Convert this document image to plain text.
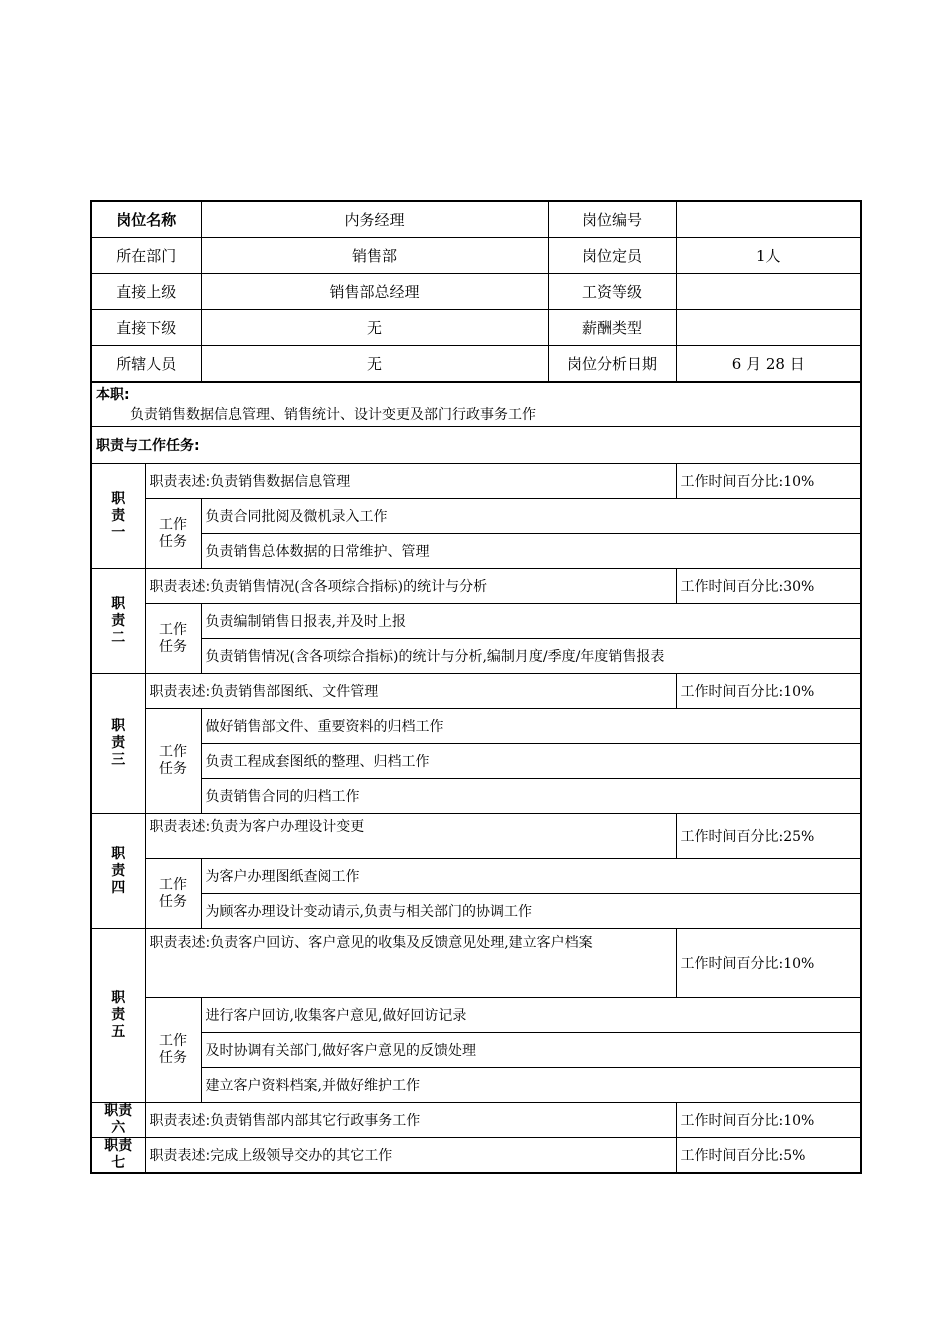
岗位名称		内务经理	岗位编号	
所在部门		销售部	岗位定员	1人
直接上级		销售部总经理	工资等级	
直接下级		无	薪酬类型	
所辖人员		无	岗位分析日期	6 月 28 日

本职:
负责销售数据信息管理、销售统计、设计变更及部门行政事务工作				

职责与工作任务:				

职
责
一	职责表述:负责销售数据信息管理			工作时间百分比:10%

	工作
任务	负责合同批阅及微机录入工作		
		负责销售总体数据的日常维护、管理		

职
责
二	职责表述:负责销售情况(含各项综合指标)的统计与分析			工作时间百分比:30%

	工作
任务	负责编制销售日报表,并及时上报		
		负责销售情况(含各项综合指标)的统计与分析,编制月度/季度/年度销售报表		

职
责
三	职责表述:负责销售部图纸、文件管理			工作时间百分比:10%

	工作
任务	做好销售部文件、重要资料的归档工作		
		负责工程成套图纸的整理、归档工作		
		负责销售合同的归档工作		

职
责
四	职责表述:负责为客户办理设计变更			工作时间百分比:25%

	工作
任务	为客户办理图纸查阅工作		
		为顾客办理设计变动请示,负责与相关部门的协调工作		

职
责
五	职责表述:负责客户回访、客户意见的收集及反馈意见处理,建立客户档案			工作时间百分比:10%

	工作
任务	进行客户回访,收集客户意见,做好回访记录		
		及时协调有关部门,做好客户意见的反馈处理		
		建立客户资料档案,并做好维护工作		

职责
六	职责表述:负责销售部内部其它行政事务工作			工作时间百分比:10%

职责
七	职责表述:完成上级领导交办的其它工作			工作时间百分比:5%
